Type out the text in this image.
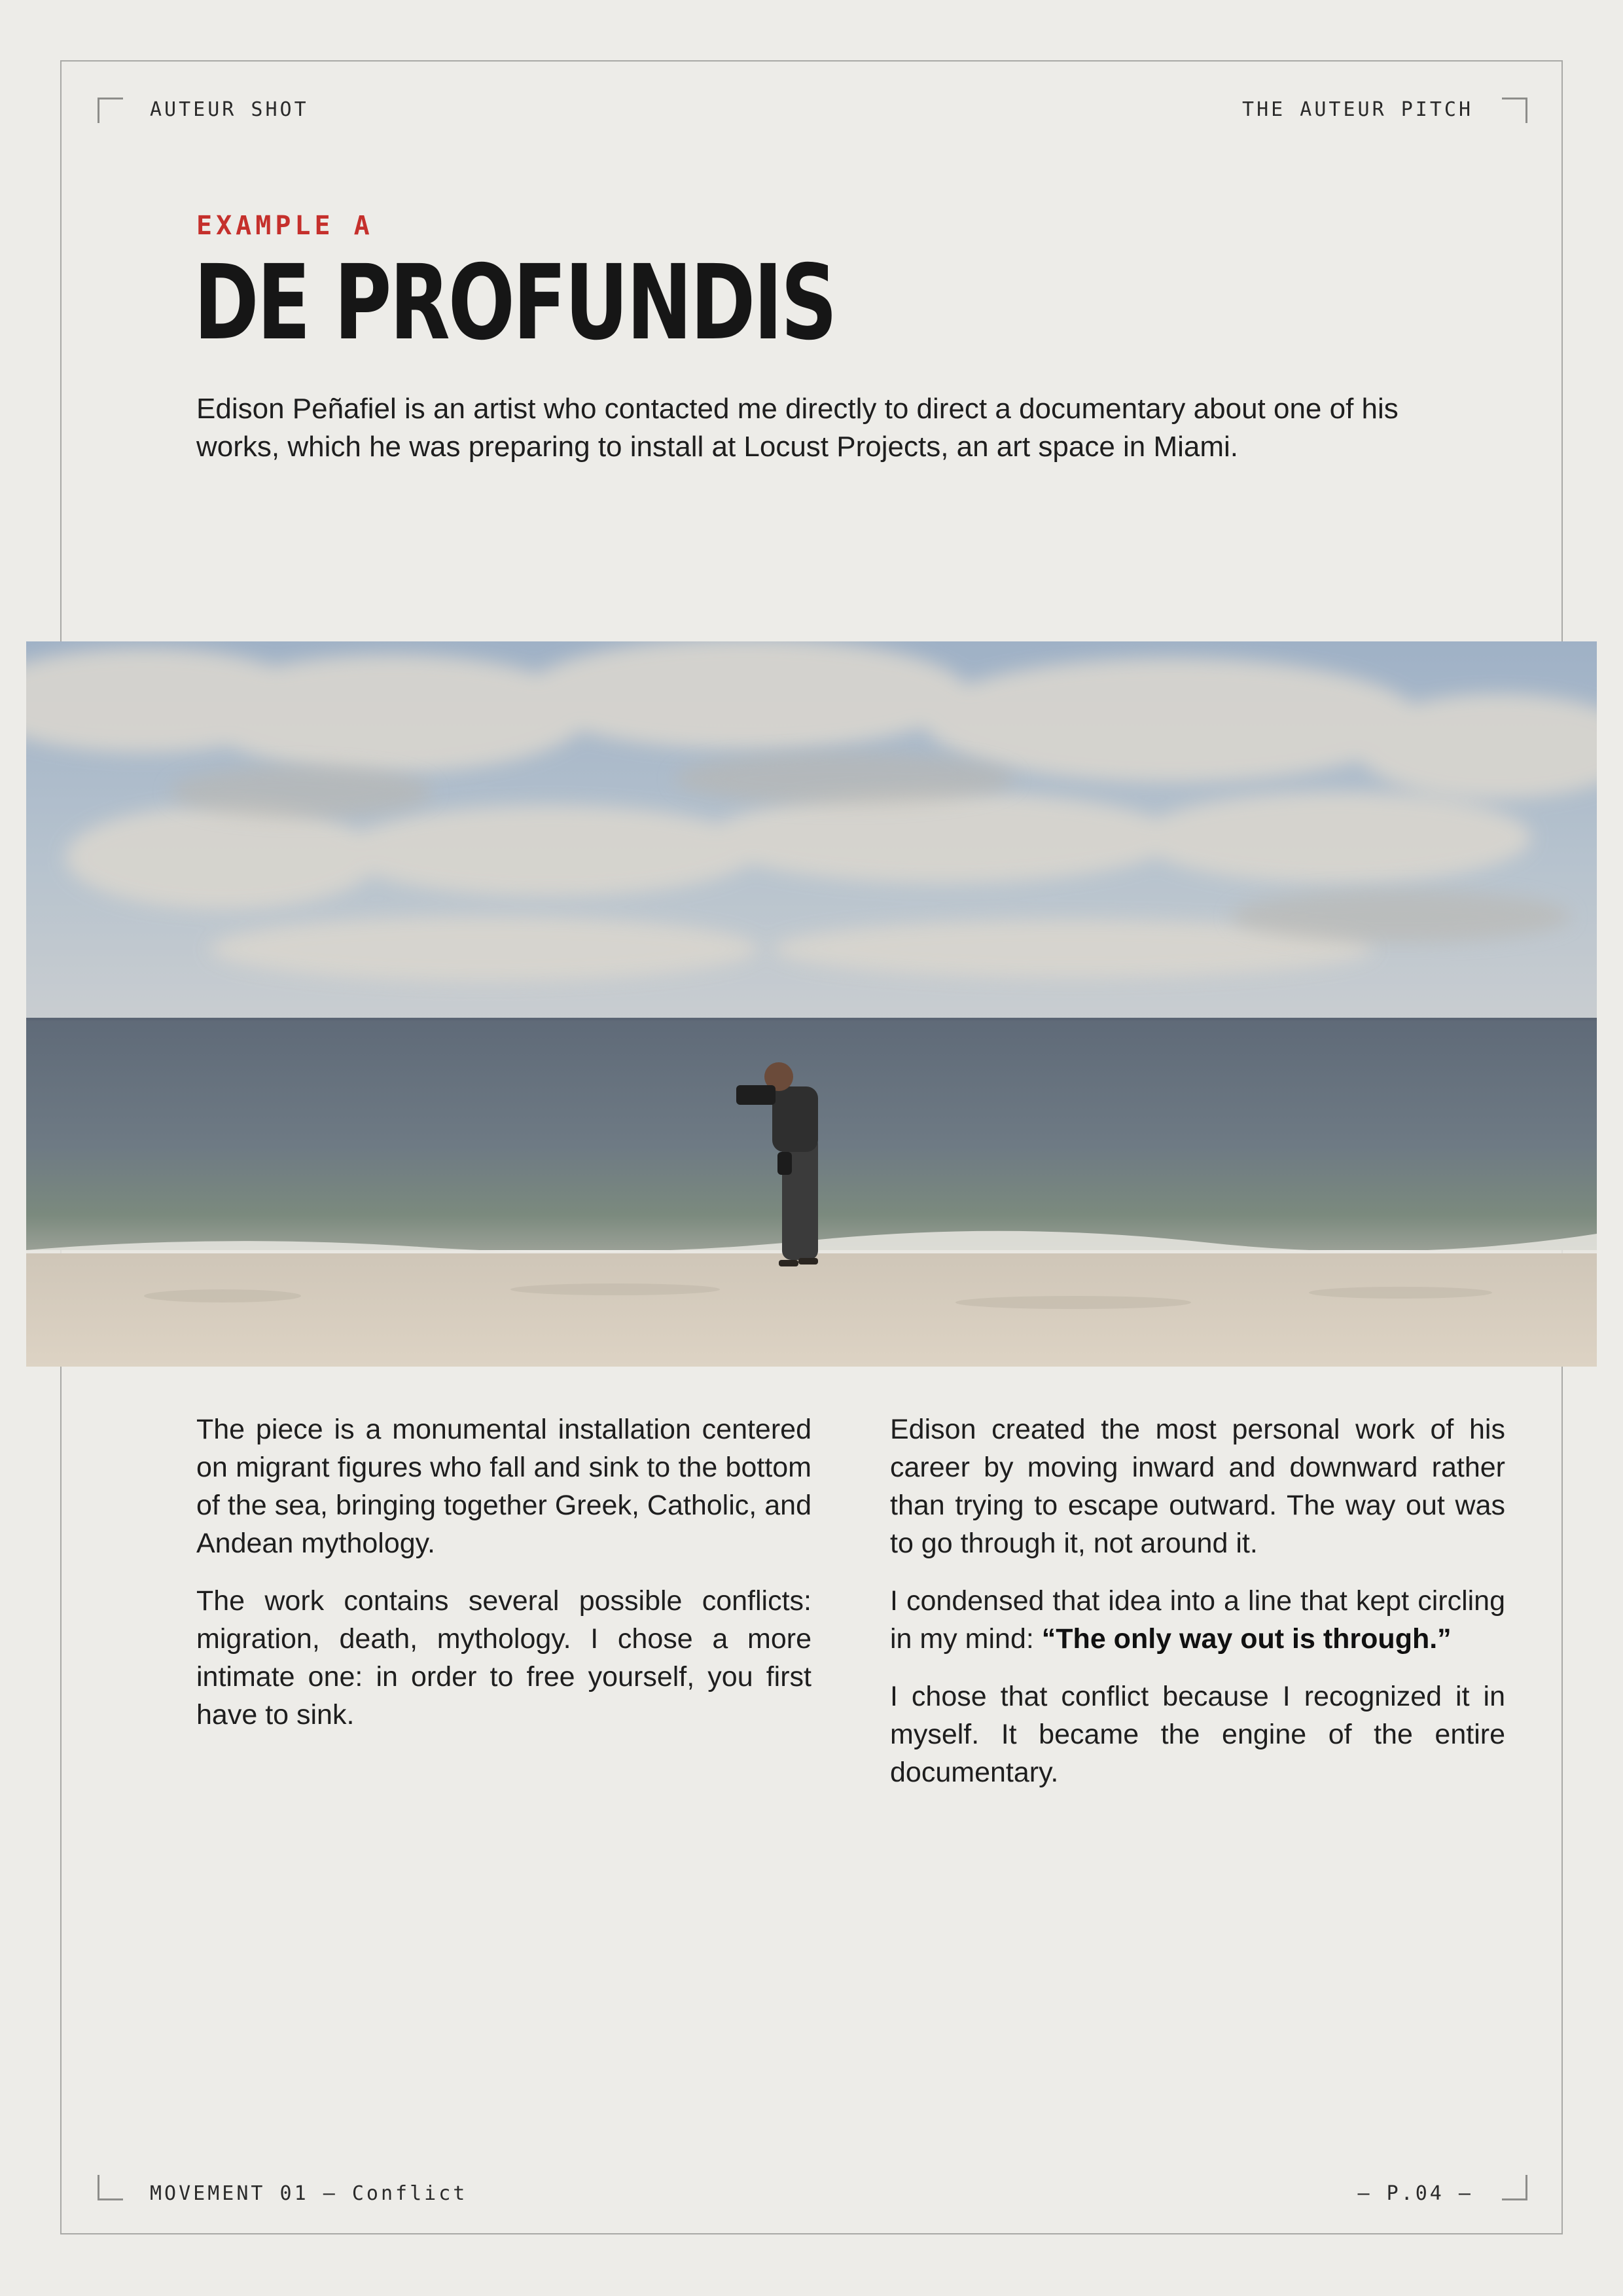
AUTEUR SHOT	THE AUTEUR PITCH
EXAMPLE A
DE PROFUNDIS
Edison Peñafiel is an artist who contacted me directly to direct a documentary about one of his works, which he was preparing to install at Locust Projects, an art space in Miami.

The piece is a monumental installation centered on migrant figures who fall and sink to the bottom of the sea, bringing together Greek, Catholic, and Andean mythology.

The work contains several possible conflicts: migration, death, mythology. I chose a more intimate one: in order to free yourself, you first have to sink.

Edison created the most personal work of his career by moving inward and downward rather than trying to escape outward. The way out was to go through it, not around it.

I condensed that idea into a line that kept circling in my mind: “The only way out is through.”

I chose that conflict because I recognized it in myself. It became the engine of the entire documentary.

MOVEMENT 01 — Conflict	— P.04 —
